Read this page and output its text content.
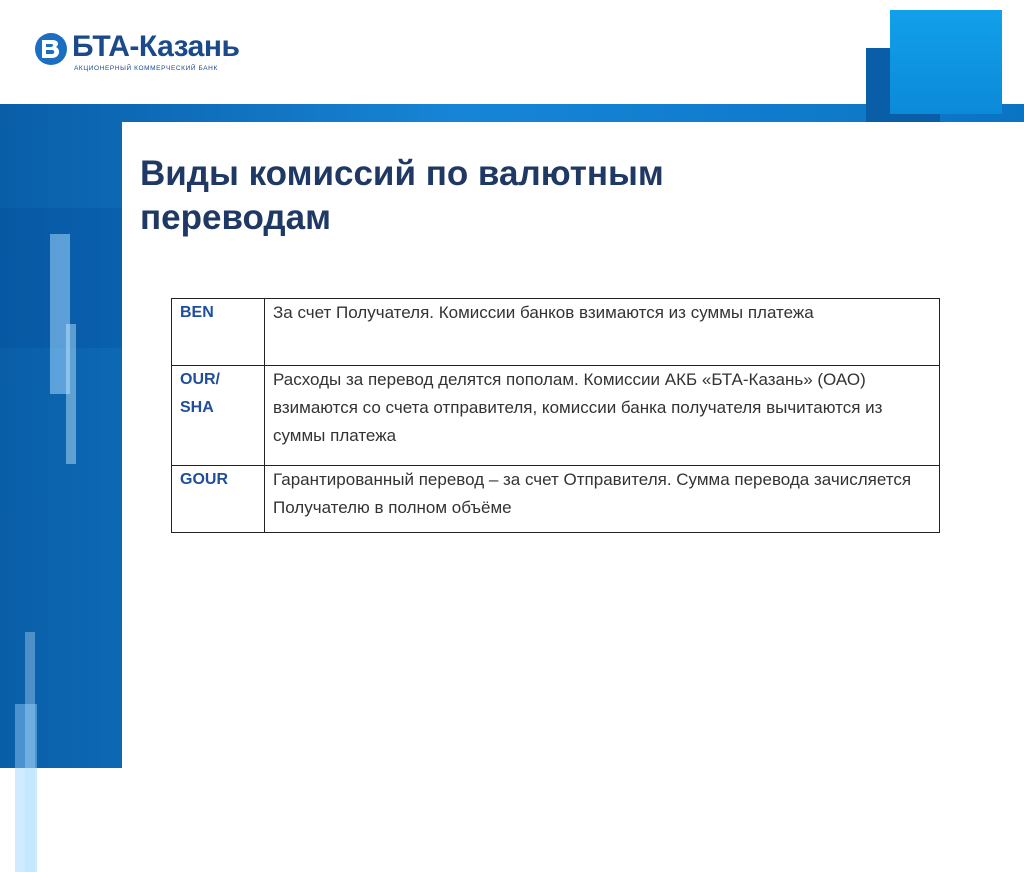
БТА-Казань
АКЦИОНЕРНЫЙ КОММЕРЧЕСКИЙ БАНК
Виды комиссий по валютным переводам
BEN	За счет Получателя. Комиссии банков взимаются из суммы платежа
OUR/ SHA	Расходы за перевод делятся пополам. Комиссии АКБ «БТА-Казань» (ОАО) взимаются со счета отправителя, комиссии банка получателя вычитаются из суммы платежа
GOUR	Гарантированный перевод – за счет Отправителя. Сумма перевода зачисляется Получателю в полном объёме
